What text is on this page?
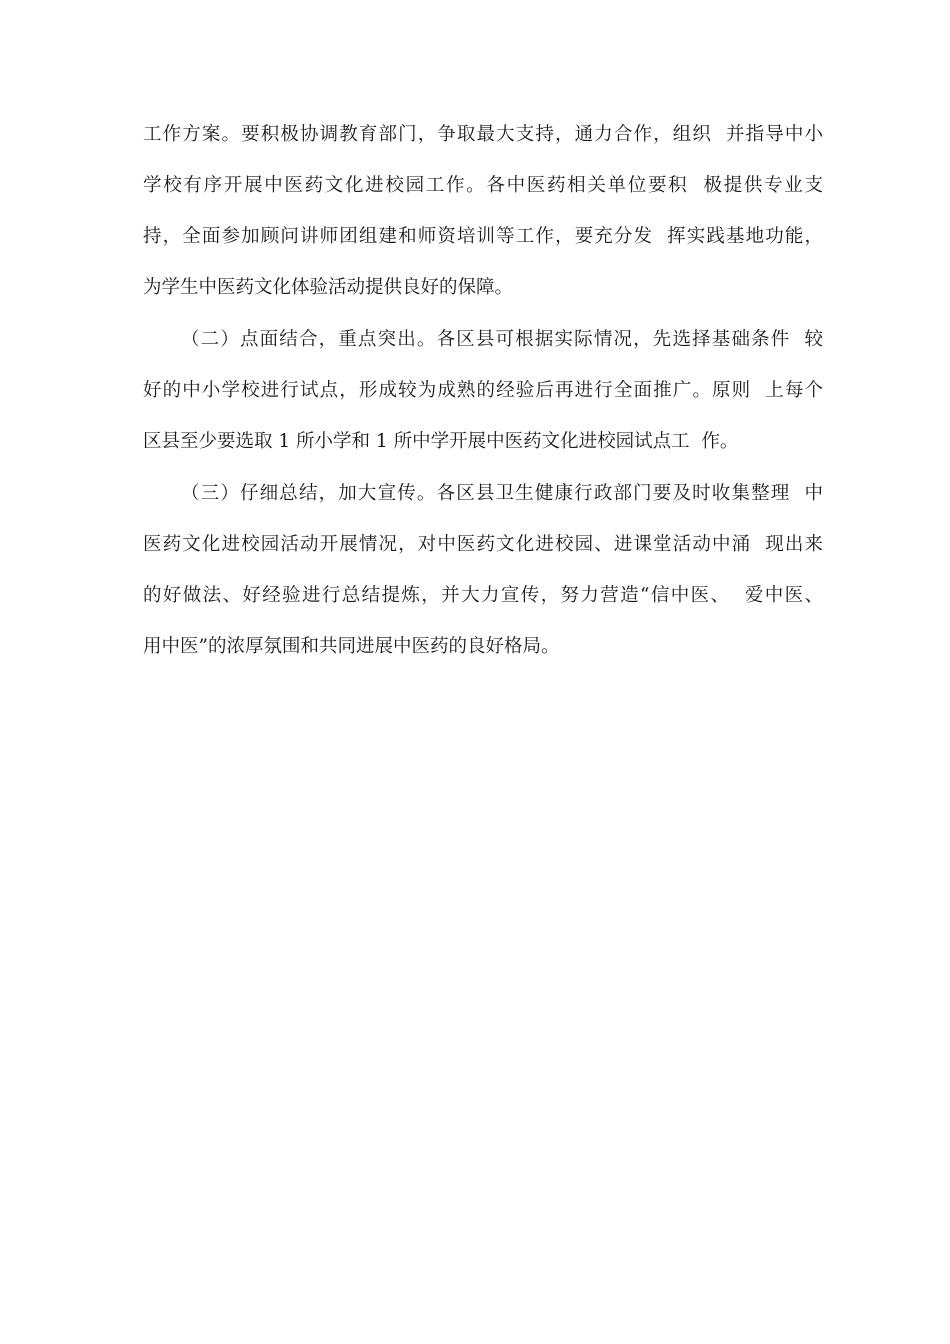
工作方案。要积极协调教育部门，争取最大支持，通力合作，组织  并指导中小
学校有序开展中医药文化进校园工作。各中医药相关单位要积  极提供专业支
持，全面参加顾问讲师团组建和师资培训等工作，要充分发  挥实践基地功能，
为学生中医药文化体验活动提供良好的保障。
（二）点面结合，重点突出。各区县可根据实际情况，先选择基础条件  较
好的中小学校进行试点，形成较为成熟的经验后再进行全面推广。原则  上每个
区县至少要选取 1 所小学和 1 所中学开展中医药文化进校园试点工  作。
（三）仔细总结，加大宣传。各区县卫生健康行政部门要及时收集整理  中
医药文化进校园活动开展情况，对中医药文化进校园、进课堂活动中涌  现出来
的好做法、好经验进行总结提炼，并大力宣传，努力营造“信中医、  爱中医、
用中医”的浓厚氛围和共同进展中医药的良好格局。
